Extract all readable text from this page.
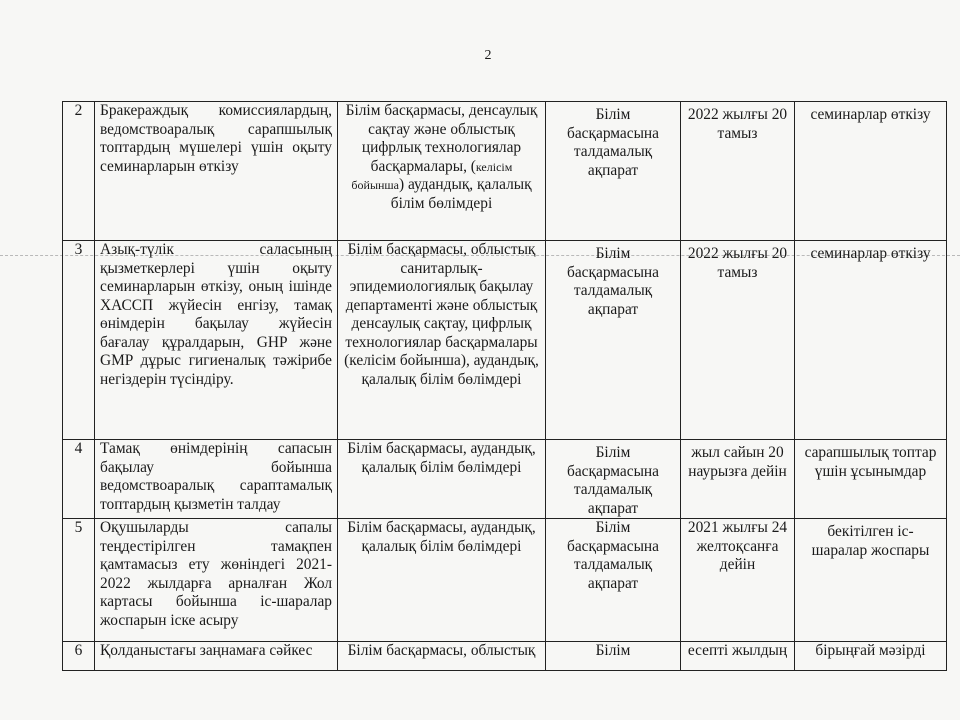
2
2	Бракераждық комиссиялардың, ведомствоаралық сарапшылық топтардың мүшелері үшін оқыту семинарларын өткізу	Білім басқармасы, денсаулық сақтау және облыстық цифрлық технологиялар басқармалары, (келісім бойынша) аудандық, қалалық білім бөлімдері	Білім басқармасына талдамалық ақпарат	2022 жылғы 20 тамыз	семинарлар өткізу
3	Азық-түлік саласының қызметкерлері үшін оқыту семинарларын өткізу, оның ішінде ХАССП жүйесін енгізу, тамақ өнімдерін бақылау жүйесін бағалау құралдарын, GHP және GMP дұрыс гигиеналық тәжірибе негіздерін түсіндіру.	Білім басқармасы, облыстық санитарлық-эпидемиологиялық бақылау департаменті және облыстық денсаулық сақтау, цифрлық технологиялар басқармалары (келісім бойынша), аудандық, қалалық білім бөлімдері	Білім басқармасына талдамалық ақпарат	2022 жылғы 20 тамыз	семинарлар өткізу
4	Тамақ өнімдерінің сапасын бақылау бойынша ведомствоаралық сараптамалық топтардың қызметін талдау	Білім басқармасы, аудандық, қалалық білім бөлімдері	Білім басқармасына талдамалық ақпарат	жыл сайын 20 наурызға дейін	сарапшылық топтар үшін ұсынымдар
5	Оқушыларды сапалы теңдестірілген тамақпен қамтамасыз ету жөніндегі 2021-2022 жылдарға арналған Жол картасы бойынша іс-шаралар жоспарын іске асыру	Білім басқармасы, аудандық, қалалық білім бөлімдері	Білім басқармасына талдамалық ақпарат	2021 жылғы 24 желтоқсанға дейін	бекітілген іс-шаралар жоспары
6	Қолданыстағы заңнамаға сәйкес	Білім басқармасы, облыстық	Білім	есепті жылдың	бірыңғай мәзірді
